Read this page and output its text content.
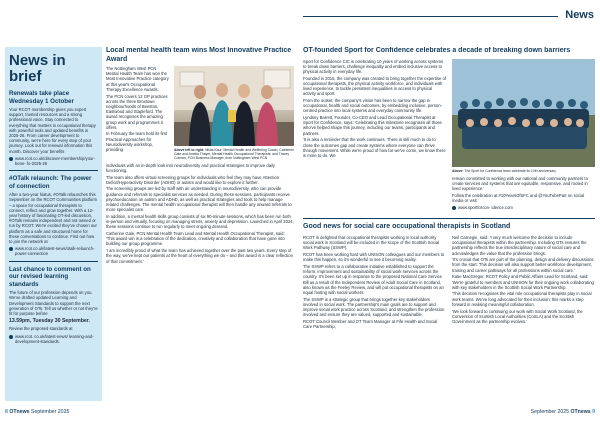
News
News in brief
Renewals take place Wednesday 1 October
Your RCOT membership gives you expert support, trusted resources and a strong professional voice. Stay connected to everything that matters in occupational therapy with powerful tools and updated benefits in 2025-26. From career development to community, we're here for every step of your journey. Look out for renewal information this month. Discover your benefits
www.rcot.co.uk/discover-membership/your-bene- fo-2025-26
#OTalk relaunch: The power of connection
After a two-year hiatus, #OTalk relaunches this September on the RCOT Communities platform – a space for occupational therapists to connect, reflect and grow together. With a 12-year history of fascinating OT-led discussion, #OTalk remains independent and not owned or run by RCOT. We're excited they've chosen our platform as a safe and structured home for these conversations to continue. Find out how to join the network at
www.rcot.co.uk/latest-news/otalk-relaunch-power-connection
Last chance to comment on our revised learning standards
The future of our profession depends on you. We've drafted updated Learning and Development Standards to support the next generation of OTs. Tell us whether or not they're fit for purpose before
13.59pm, Tuesday 30 September.
Review the proposed standards at
www.rcot. co.uk/latest-news/ learning-and-development-standards.
Local mental health team wins Most Innovative Practice Award

The Nottingham West PCN Mental Health Team has won the Most Innovative Practice category at this year's Occupational Therapy Excellence Awards.

The PCN covers 12 GP practices across the three Broxtowe neighbourhoods of Beeston, Eastwood and Stapleford. The award recognises the amazing group work and programmes it offers.

In February the team held its first Practical Approaches for Neurodiversity workshop, providing	Above left to right: Nikita Kaur, Mental Health and Wellbeing Coach; Catherine Gale and Amelia Thayer, Mental Health Occupational Therapists; and Tracey Colman, PCN Business Manager, from Nottingham West PCN

individuals with an in-depth look into neurodiversity and practical strategies to improve daily functioning.

The team also offers virtual screening groups for individuals who feel they may have Attention Deficit/Hyperactivity Disorder (ADHD) or autism and would like to explore it further.

The screening groups are led by staff with an understanding in neurodiversity, who can provide guidance and referrals to specialist services as needed. During these sessions, participants receive psychoeducation on autism and ADHD, as well as practical strategies and tools to help manage related challenges. The mental health occupational therapist will then handle any onward referrals to more specialist care.

In addition, a mental health skills group consists of six 90-minute sessions, which has been run both in-person and virtually, focusing on managing stress, anxiety and depression. Launched in April 2024, these sessions continue to run regularly to meet ongoing demand.

Catherine Gale, PCN Mental Health Team Lead and Mental Health Occupational Therapist, said: 'This award win is a celebration of the dedication, creativity and collaboration that have gone into building our group programme.

'I am incredibly proud of what the team has achieved together over the past two years. Every step of the way, we've kept our patients at the heart of everything we do – and this award is a clear reflection of that commitment.'

OT-founded Sport for Confidence celebrates a decade of breaking down barriers

Sport for Confidence CIC is celebrating 10 years of working across systems to break down barriers, challenge inequality and embed inclusive access to physical activity in everyday life.

Founded in 2015, the company was created to bring together the expertise of occupational therapists, the physical activity workforce, and individuals with lived experience, to tackle persistent inequalities in access to physical activity and sport.

From the outset, the company's vision has been to narrow the gap in occupational, health and social outcomes, by embedding inclusive, person-centred practice into local systems and everyday community life.

Lyndsey Barrett, Founder, Co-CEO and Lead Occupational Therapist at Sport for Confidence, says: 'Celebrating this milestone recognises all those who've helped shape this journey, including our teams, participants and partners.

'It is also a reminder that the work continues. There is still much to do to close the outcomes gap and create systems where everyone can thrive through movement. While we're proud of how far we've come, we know there is more to do. We

Above: The Sport for Confidence team celebrate its 10th anniversary

remain committed to working with our national and community partners to create services and systems that are equitable, responsive, and rooted in lived experience.'

Follow the celebration at #10YearsOfSFC and @YouTubePart on social media or visit

www.sportforcon- idence.com
Good news for social care occupational therapists in Scotland

RCOT is delighted that occupational therapists working in local authority social work in Scotland will be included in the scope of the Scottish Social Work Pathway (SSWP).

RCOT has been working hard with UNISON colleagues and our members to make this happen, so it's wonderful to see it becoming reality.

The SSWP refers to a collaborative initiative established to support the reform, improvement and sustainability of social work services across the country. It's been set up in response to the proposed National Care Service Bill as a result of the Independent Review of Adult Social Care in Scotland, also known as the Feeley Review, and will put occupational therapists on an equal footing with social workers.

The SSWP is a strategic group that brings together key stakeholders involved in social work. The partnership's main goals are to support and improve social work practice across Scotland, and strengthen the profession involved and ensure they are valued, supported and sustainable.

RCOT Council Member and OT Team Manager at Fife Health and Social Care Partnership,

Neil Carnegie, said: 'I very much welcome the decision to include occupational therapists within the partnership. Including OTs ensures the partnership reflects the true interdisciplinary nature of social care and acknowledges the value that the profession brings.

'It's crucial that OTs are part of the planning, design and delivery discussions from the start. This decision will also support better workforce development, training and career pathways for all professions within social care.'

Katie MacGregor, RCOT Policy and Public Affairs Lead for Scotland, said: 'We're grateful to members and UNISON for their ongoing work collaborating with key stakeholders in the Scottish Social Work Partnership.

'This decision recognises the vital role occupational therapists play in social work teams. We've long advocated for their inclusion; this marks a step forward in realising meaningful collaboration.

'We look forward to continuing our work with Social Work Scotland, the Convention of Scottish Local Authorities (CoSLA) and the Scottish Government as the partnership evolves.'

8 OTnews September 2025	September 2025 OTnews 9
